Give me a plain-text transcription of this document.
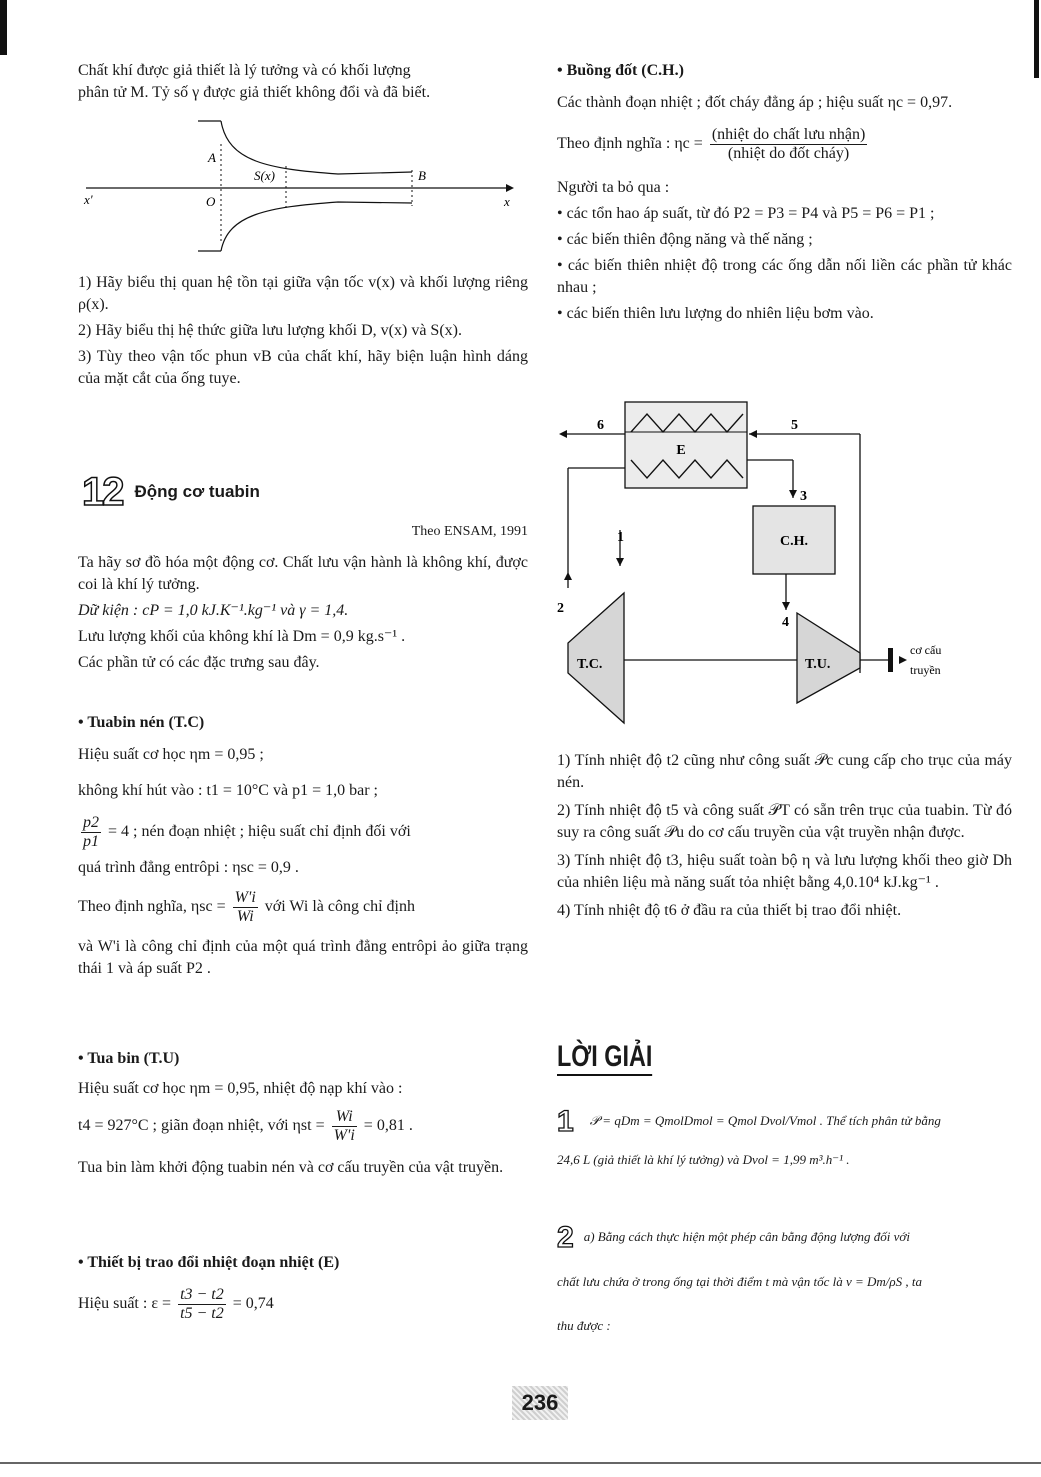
Chất khí được giả thiết là lý tưởng và có khối lượng
phân tử M. Tỷ số γ được giả thiết không đổi và đã biết.
A
S(x)	B
O	x
x'
1) Hãy biểu thị quan hệ tồn tại giữa vận tốc v(x) và khối lượng riêng ρ(x).
2) Hãy biểu thị hệ thức giữa lưu lượng khối D, v(x) và S(x).
3) Tùy theo vận tốc phun vB của chất khí, hãy biện luận hình dáng của mặt cắt của ống tuye.
12 Động cơ tuabin
Theo ENSAM, 1991
Ta hãy sơ đồ hóa một động cơ. Chất lưu vận hành là không khí, được coi là khí lý tưởng.
Dữ kiện : cP = 1,0 kJ.K⁻¹.kg⁻¹ và γ = 1,4.
Lưu lượng khối của không khí là Dm = 0,9 kg.s⁻¹ .
Các phần tử có các đặc trưng sau đây.
• Tuabin nén (T.C)
Hiệu suất cơ học ηm = 0,95 ;
không khí hút vào : t1 = 10°C và p1 = 1,0 bar ;
$\frac{p2}{p1} = 4$ ; nén đoạn nhiệt ; hiệu suất chỉ định đối với
quá trình đẳng entrôpi : ηsc = 0,9 .
Theo định nghĩa, $\eta sc = \frac{W'i}{Wi}$ với Wi là công chỉ định
và W'i là công chỉ định của một quá trình đẳng entrôpi ảo giữa trạng thái 1 và áp suất P2 .
• Tua bin (T.U)
Hiệu suất cơ học ηm = 0,95, nhiệt độ nạp khí vào :
t4 = 927°C ; giãn đoạn nhiệt, với $\eta st = \frac{Wi}{W'i} = 0,81$ .
Tua bin làm khởi động tuabin nén và cơ cấu truyền của vật truyền.
• Thiết bị trao đổi nhiệt đoạn nhiệt (E)
Hiệu suất : $\varepsilon = \frac{t3 - t2}{t5 - t2} = 0,74$
• Buồng đốt (C.H.)
Các thành đoạn nhiệt ; đốt cháy đẳng áp ; hiệu suất ηc = 0,97.
Theo định nghĩa : $\eta c = \frac{\text{(nhiệt do chất lưu nhận)}}{\text{(nhiệt do đốt cháy)}}$
Người ta bỏ qua :
• các tổn hao áp suất, từ đó P2 = P3 = P4 và P5 = P6 = P1 ;
• các biến thiên động năng và thế năng ;
• các biến thiên nhiệt độ trong các ống dẫn nối liền các phần tử khác nhau ;
• các biến thiên lưu lượng do nhiên liệu bơm vào.
E
6	5
3
C.H.
4
2
1
T.C.	T.U.
cơ cấu
truyền
1) Tính nhiệt độ t2 cũng như công suất 𝒫c cung cấp cho trục của máy nén.
2) Tính nhiệt độ t5 và công suất 𝒫T có sẵn trên trục của tuabin. Từ đó suy ra công suất 𝒫u do cơ cấu truyền của vật truyền nhận được.
3) Tính nhiệt độ t3, hiệu suất toàn bộ η và lưu lượng khối theo giờ Dh của nhiên liệu mà năng suất tỏa nhiệt bằng 4,0.10⁴ kJ.kg⁻¹ .
4) Tính nhiệt độ t6 ở đầu ra của thiết bị trao đổi nhiệt.
LỜI GIẢI
1 𝒫 = qDm = QmolDmol = Qmol Dvol/Vmol . Thể tích phân tử bằng
24,6 L (giả thiết là khí lý tưởng) và Dvol = 1,99 m³.h⁻¹ .
2 a) Bằng cách thực hiện một phép cân bằng động lượng đối với
chất lưu chứa ở trong ống tại thời điểm t mà vận tốc là v = Dm/ρS , ta
thu được :
236
